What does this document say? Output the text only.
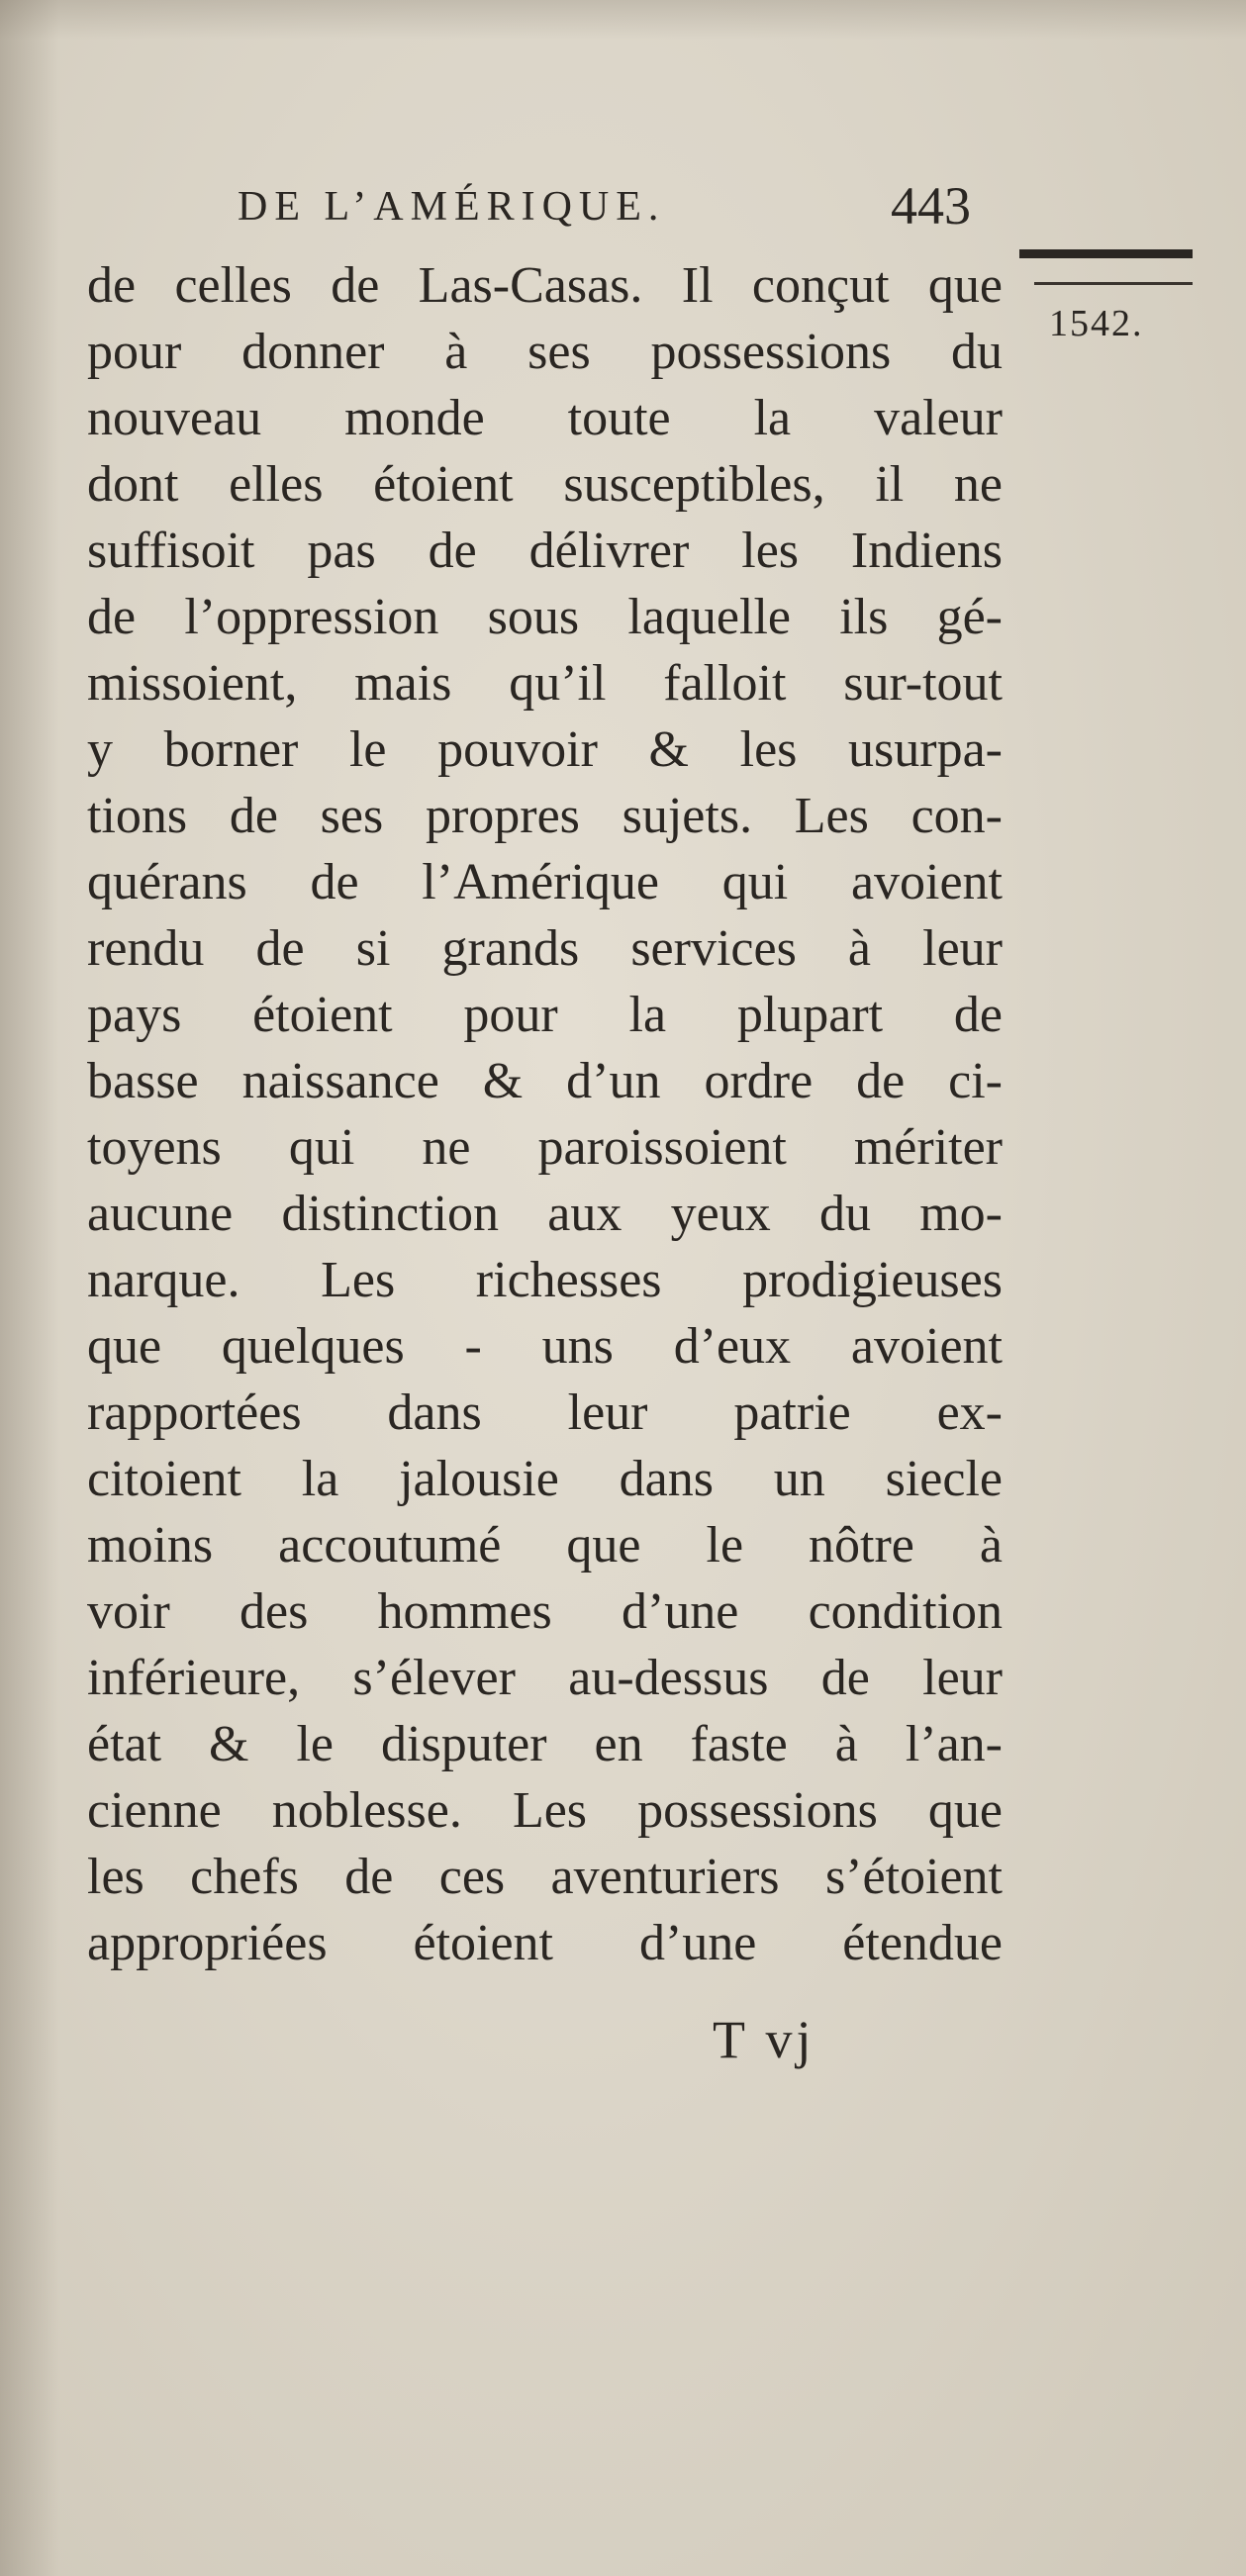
DE L’AMÉRIQUE.	443
1542.
de celles de Las-Casas. Il conçut que
pour donner à ses possessions du
nouveau monde toute la valeur
dont elles étoient susceptibles, il ne
suffisoit pas de délivrer les Indiens
de l’oppression sous laquelle ils gé-
missoient, mais qu’il falloit sur-tout
y borner le pouvoir & les usurpa-
tions de ses propres sujets. Les con-
quérans de l’Amérique qui avoient
rendu de si grands services à leur
pays étoient pour la plupart de
basse naissance & d’un ordre de ci-
toyens qui ne paroissoient mériter
aucune distinction aux yeux du mo-
narque. Les richesses prodigieuses
que quelques - uns d’eux avoient
rapportées dans leur patrie ex-
citoient la jalousie dans un siecle
moins accoutumé que le nôtre à
voir des hommes d’une condition
inférieure, s’élever au-dessus de leur
état & le disputer en faste à l’an-
cienne noblesse. Les possessions que
les chefs de ces aventuriers s’étoient
appropriées étoient d’une étendue
T vj
